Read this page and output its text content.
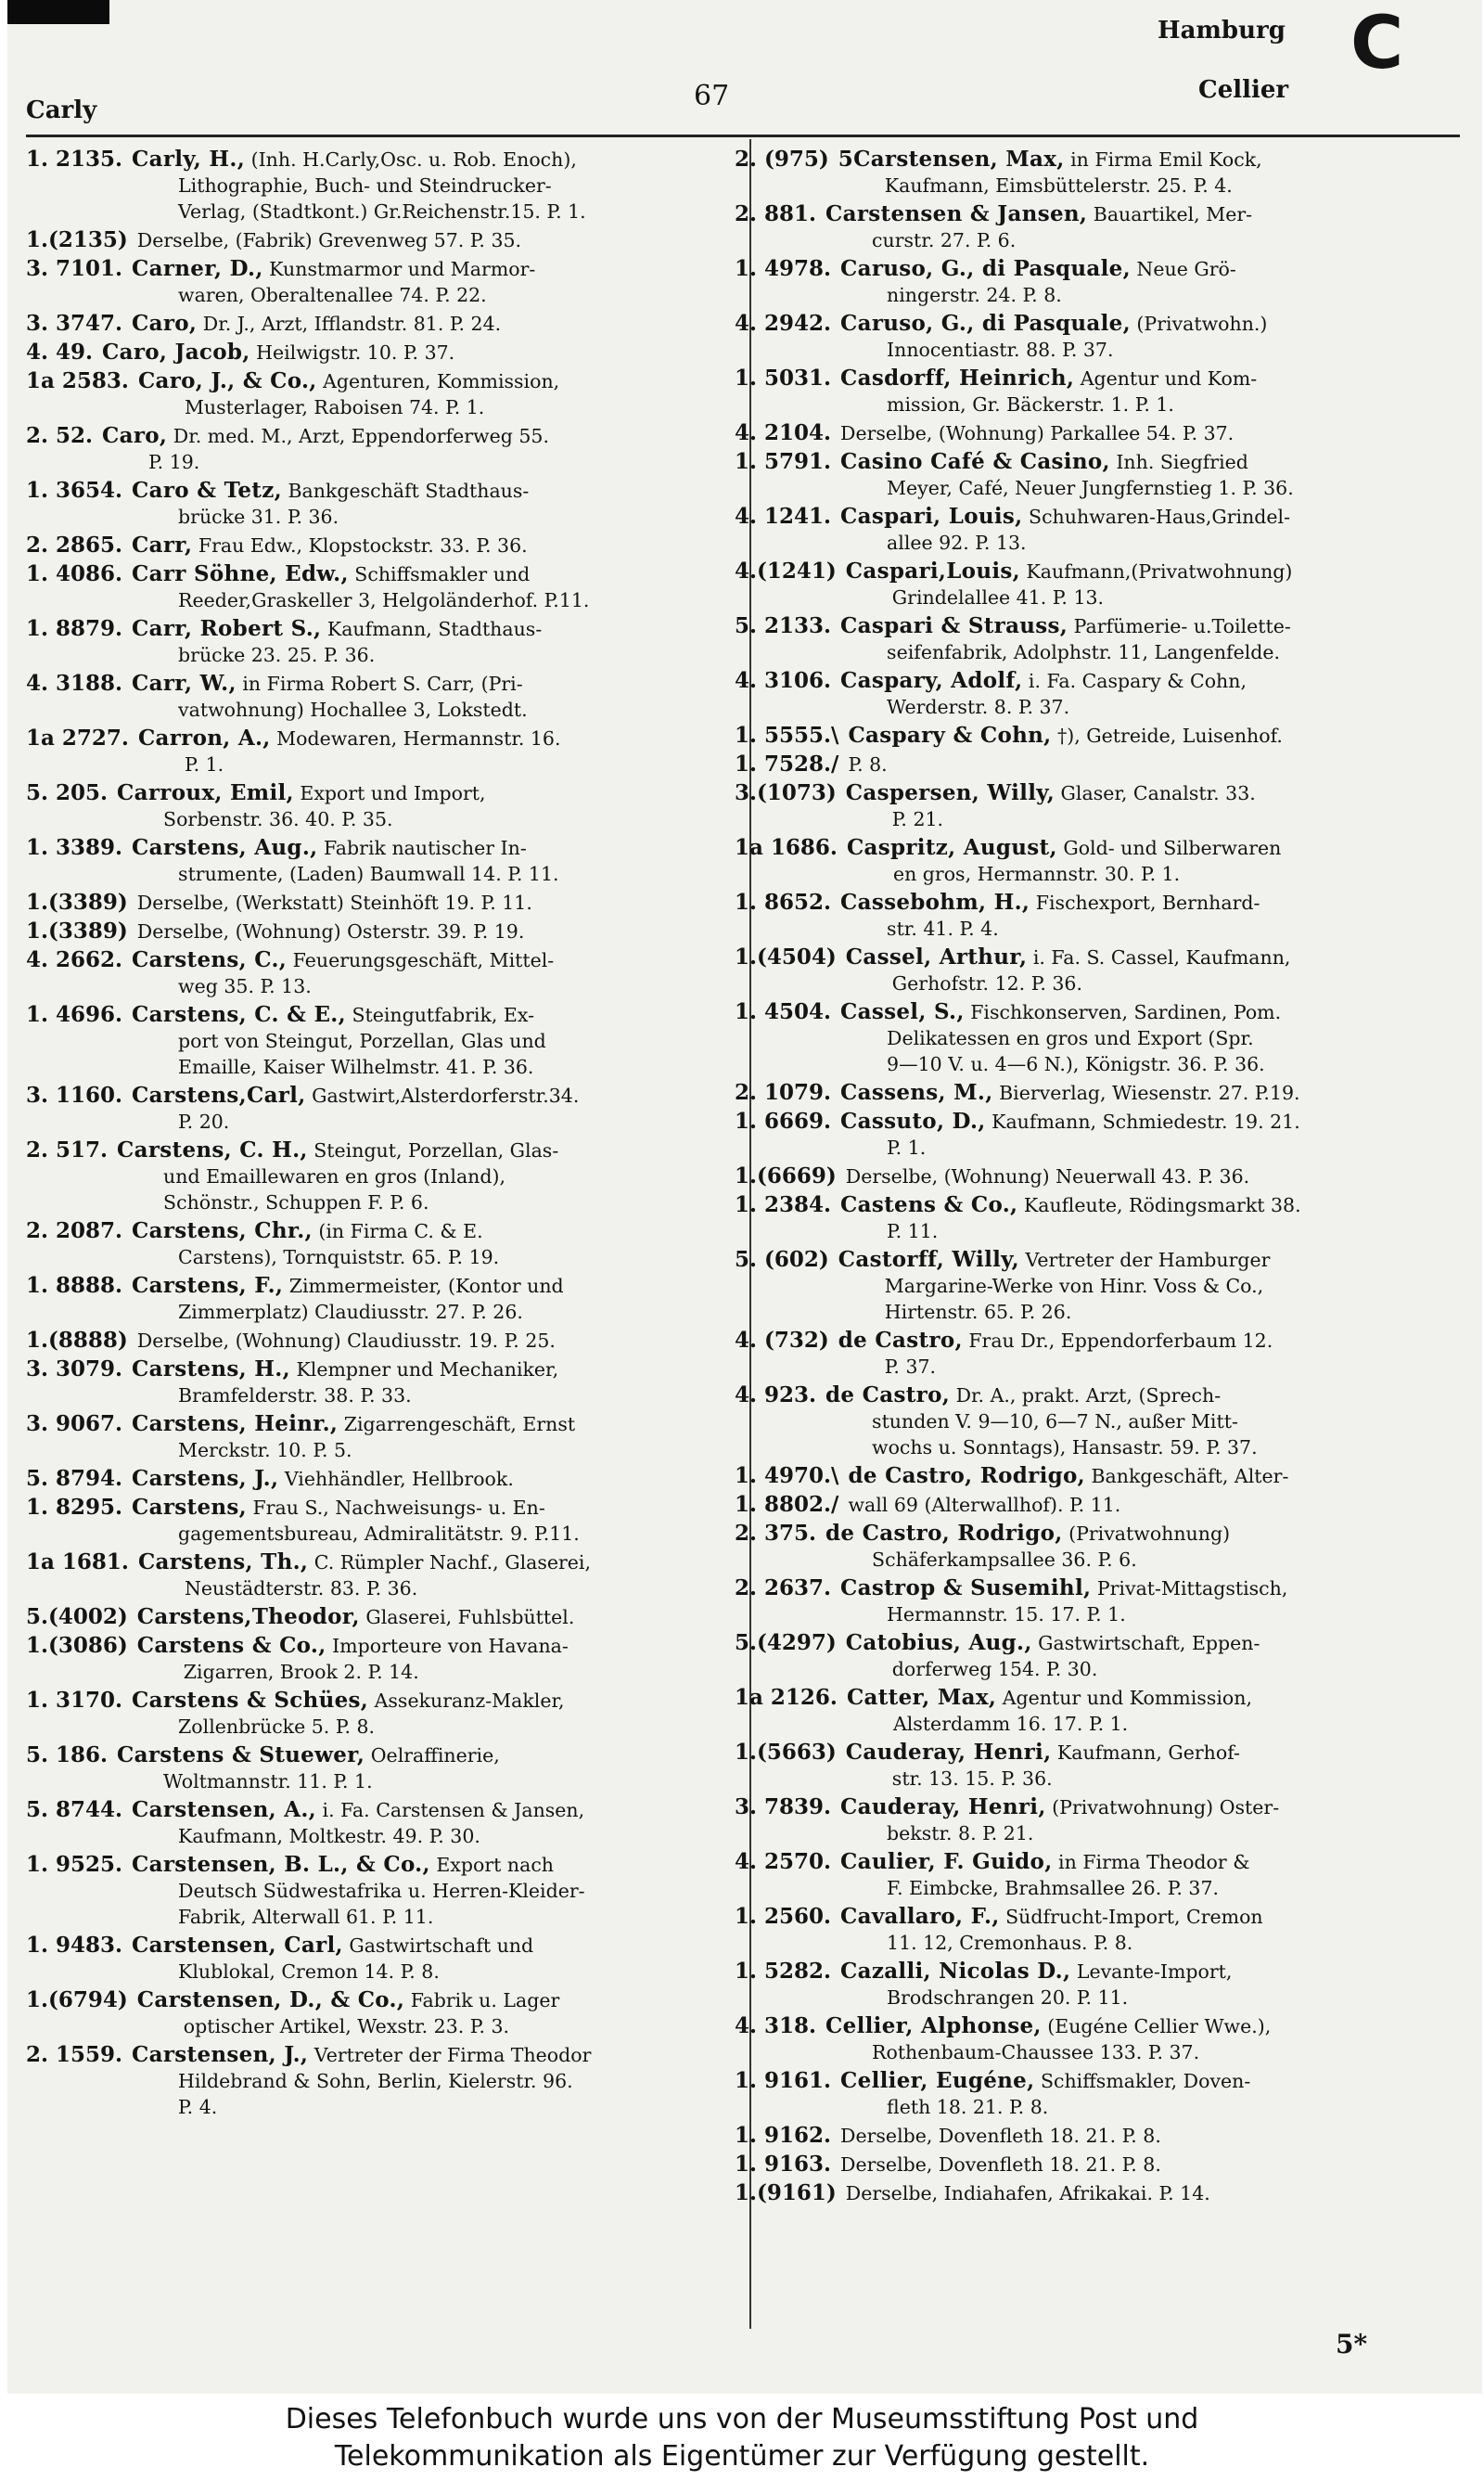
Carly	67
Hamburg
Cellier
C
1. 2135. Carly, H., (Inh. H.Carly,Osc. u. Rob. Enoch),
Lithographie, Buch- und Steindrucker-
Verlag, (Stadtkont.) Gr.Reichenstr.15. P. 1.
1.(2135) Derselbe, (Fabrik) Grevenweg 57. P. 35.
3. 7101. Carner, D., Kunstmarmor und Marmor-
waren, Oberaltenallee 74. P. 22.
3. 3747. Caro, Dr. J., Arzt, Ifflandstr. 81. P. 24.
4. 49. Caro, Jacob, Heilwigstr. 10. P. 37.
1a 2583. Caro, J., & Co., Agenturen, Kommission,
Musterlager, Raboisen 74. P. 1.
2. 52. Caro, Dr. med. M., Arzt, Eppendorferweg 55.
P. 19.
1. 3654. Caro & Tetz, Bankgeschäft Stadthaus-
brücke 31. P. 36.
2. 2865. Carr, Frau Edw., Klopstockstr. 33. P. 36.
1. 4086. Carr Söhne, Edw., Schiffsmakler und
Reeder,Graskeller 3, Helgoländerhof. P.11.
1. 8879. Carr, Robert S., Kaufmann, Stadthaus-
brücke 23. 25. P. 36.
4. 3188. Carr, W., in Firma Robert S. Carr, (Pri-
vatwohnung) Hochallee 3, Lokstedt.
1a 2727. Carron, A., Modewaren, Hermannstr. 16.
P. 1.
5. 205. Carroux, Emil, Export und Import,
Sorbenstr. 36. 40. P. 35.
1. 3389. Carstens, Aug., Fabrik nautischer In-
strumente, (Laden) Baumwall 14. P. 11.
1.(3389) Derselbe, (Werkstatt) Steinhöft 19. P. 11.
1.(3389) Derselbe, (Wohnung) Osterstr. 39. P. 19.
4. 2662. Carstens, C., Feuerungsgeschäft, Mittel-
weg 35. P. 13.
1. 4696. Carstens, C. & E., Steingutfabrik, Ex-
port von Steingut, Porzellan, Glas und
Emaille, Kaiser Wilhelmstr. 41. P. 36.
3. 1160. Carstens,Carl, Gastwirt,Alsterdorferstr.34.
P. 20.
2. 517. Carstens, C. H., Steingut, Porzellan, Glas-
und Emaillewaren en gros (Inland),
Schönstr., Schuppen F. P. 6.
2. 2087. Carstens, Chr., (in Firma C. & E.
Carstens), Tornquiststr. 65. P. 19.
1. 8888. Carstens, F., Zimmermeister, (Kontor und
Zimmerplatz) Claudiusstr. 27. P. 26.
1.(8888) Derselbe, (Wohnung) Claudiusstr. 19. P. 25.
3. 3079. Carstens, H., Klempner und Mechaniker,
Bramfelderstr. 38. P. 33.
3. 9067. Carstens, Heinr., Zigarrengeschäft, Ernst
Merckstr. 10. P. 5.
5. 8794. Carstens, J., Viehhändler, Hellbrook.
1. 8295. Carstens, Frau S., Nachweisungs- u. En-
gagementsbureau, Admiralitätstr. 9. P.11.
1a 1681. Carstens, Th., C. Rümpler Nachf., Glaserei,
Neustädterstr. 83. P. 36.
5.(4002) Carstens,Theodor, Glaserei, Fuhlsbüttel.
1.(3086) Carstens & Co., Importeure von Havana-
Zigarren, Brook 2. P. 14.
1. 3170. Carstens & Schües, Assekuranz-Makler,
Zollenbrücke 5. P. 8.
5. 186. Carstens & Stuewer, Oelraffinerie,
Woltmannstr. 11. P. 1.
5. 8744. Carstensen, A., i. Fa. Carstensen & Jansen,
Kaufmann, Moltkestr. 49. P. 30.
1. 9525. Carstensen, B. L., & Co., Export nach
Deutsch Südwestafrika u. Herren-Kleider-
Fabrik, Alterwall 61. P. 11.
1. 9483. Carstensen, Carl, Gastwirtschaft und
Klublokal, Cremon 14. P. 8.
1.(6794) Carstensen, D., & Co., Fabrik u. Lager
optischer Artikel, Wexstr. 23. P. 3.
2. 1559. Carstensen, J., Vertreter der Firma Theodor
Hildebrand & Sohn, Berlin, Kielerstr. 96.
P. 4.
2. (975) 5Carstensen, Max, in Firma Emil Kock,
Kaufmann, Eimsbüttelerstr. 25. P. 4.
2. 881. Carstensen & Jansen, Bauartikel, Mer-
curstr. 27. P. 6.
1. 4978. Caruso, G., di Pasquale, Neue Grö-
ningerstr. 24. P. 8.
4. 2942. Caruso, G., di Pasquale, (Privatwohn.)
Innocentiastr. 88. P. 37.
1. 5031. Casdorff, Heinrich, Agentur und Kom-
mission, Gr. Bäckerstr. 1. P. 1.
4. 2104. Derselbe, (Wohnung) Parkallee 54. P. 37.
1. 5791. Casino Café & Casino, Inh. Siegfried
Meyer, Café, Neuer Jungfernstieg 1. P. 36.
4. 1241. Caspari, Louis, Schuhwaren-Haus,Grindel-
allee 92. P. 13.
4.(1241) Caspari,Louis, Kaufmann,(Privatwohnung)
Grindelallee 41. P. 13.
5. 2133. Caspari & Strauss, Parfümerie- u.Toilette-
seifenfabrik, Adolphstr. 11, Langenfelde.
4. 3106. Caspary, Adolf, i. Fa. Caspary & Cohn,
Werderstr. 8. P. 37.
1. 5555.\ Caspary & Cohn, †), Getreide, Luisenhof.
1. 7528./ P. 8.
3.(1073) Caspersen, Willy, Glaser, Canalstr. 33.
P. 21.
1a 1686. Caspritz, August, Gold- und Silberwaren
en gros, Hermannstr. 30. P. 1.
1. 8652. Cassebohm, H., Fischexport, Bernhard-
str. 41. P. 4.
1.(4504) Cassel, Arthur, i. Fa. S. Cassel, Kaufmann,
Gerhofstr. 12. P. 36.
1. 4504. Cassel, S., Fischkonserven, Sardinen, Pom.
Delikatessen en gros und Export (Spr.
9—10 V. u. 4—6 N.), Königstr. 36. P. 36.
2. 1079. Cassens, M., Bierverlag, Wiesenstr. 27. P.19.
1. 6669. Cassuto, D., Kaufmann, Schmiedestr. 19. 21.
P. 1.
1.(6669) Derselbe, (Wohnung) Neuerwall 43. P. 36.
1. 2384. Castens & Co., Kaufleute, Rödingsmarkt 38.
P. 11.
5. (602) Castorff, Willy, Vertreter der Hamburger
Margarine-Werke von Hinr. Voss & Co.,
Hirtenstr. 65. P. 26.
4. (732) de Castro, Frau Dr., Eppendorferbaum 12.
P. 37.
4. 923. de Castro, Dr. A., prakt. Arzt, (Sprech-
stunden V. 9—10, 6—7 N., außer Mitt-
wochs u. Sonntags), Hansastr. 59. P. 37.
1. 4970.\ de Castro, Rodrigo, Bankgeschäft, Alter-
1. 8802./ wall 69 (Alterwallhof). P. 11.
2. 375. de Castro, Rodrigo, (Privatwohnung)
Schäferkampsallee 36. P. 6.
2. 2637. Castrop & Susemihl, Privat-Mittagstisch,
Hermannstr. 15. 17. P. 1.
5.(4297) Catobius, Aug., Gastwirtschaft, Eppen-
dorferweg 154. P. 30.
1a 2126. Catter, Max, Agentur und Kommission,
Alsterdamm 16. 17. P. 1.
1.(5663) Cauderay, Henri, Kaufmann, Gerhof-
str. 13. 15. P. 36.
3. 7839. Cauderay, Henri, (Privatwohnung) Oster-
bekstr. 8. P. 21.
4. 2570. Caulier, F. Guido, in Firma Theodor &
F. Eimbcke, Brahmsallee 26. P. 37.
1. 2560. Cavallaro, F., Südfrucht-Import, Cremon
11. 12, Cremonhaus. P. 8.
1. 5282. Cazalli, Nicolas D., Levante-Import,
Brodschrangen 20. P. 11.
4. 318. Cellier, Alphonse, (Eugéne Cellier Wwe.),
Rothenbaum-Chaussee 133. P. 37.
1. 9161. Cellier, Eugéne, Schiffsmakler, Doven-
fleth 18. 21. P. 8.
1. 9162. Derselbe, Dovenfleth 18. 21. P. 8.
1. 9163. Derselbe, Dovenfleth 18. 21. P. 8.
1.(9161) Derselbe, Indiahafen, Afrikakai. P. 14.
5*
Dieses Telefonbuch wurde uns von der Museumsstiftung Post und
Telekommunikation als Eigentümer zur Verfügung gestellt.
